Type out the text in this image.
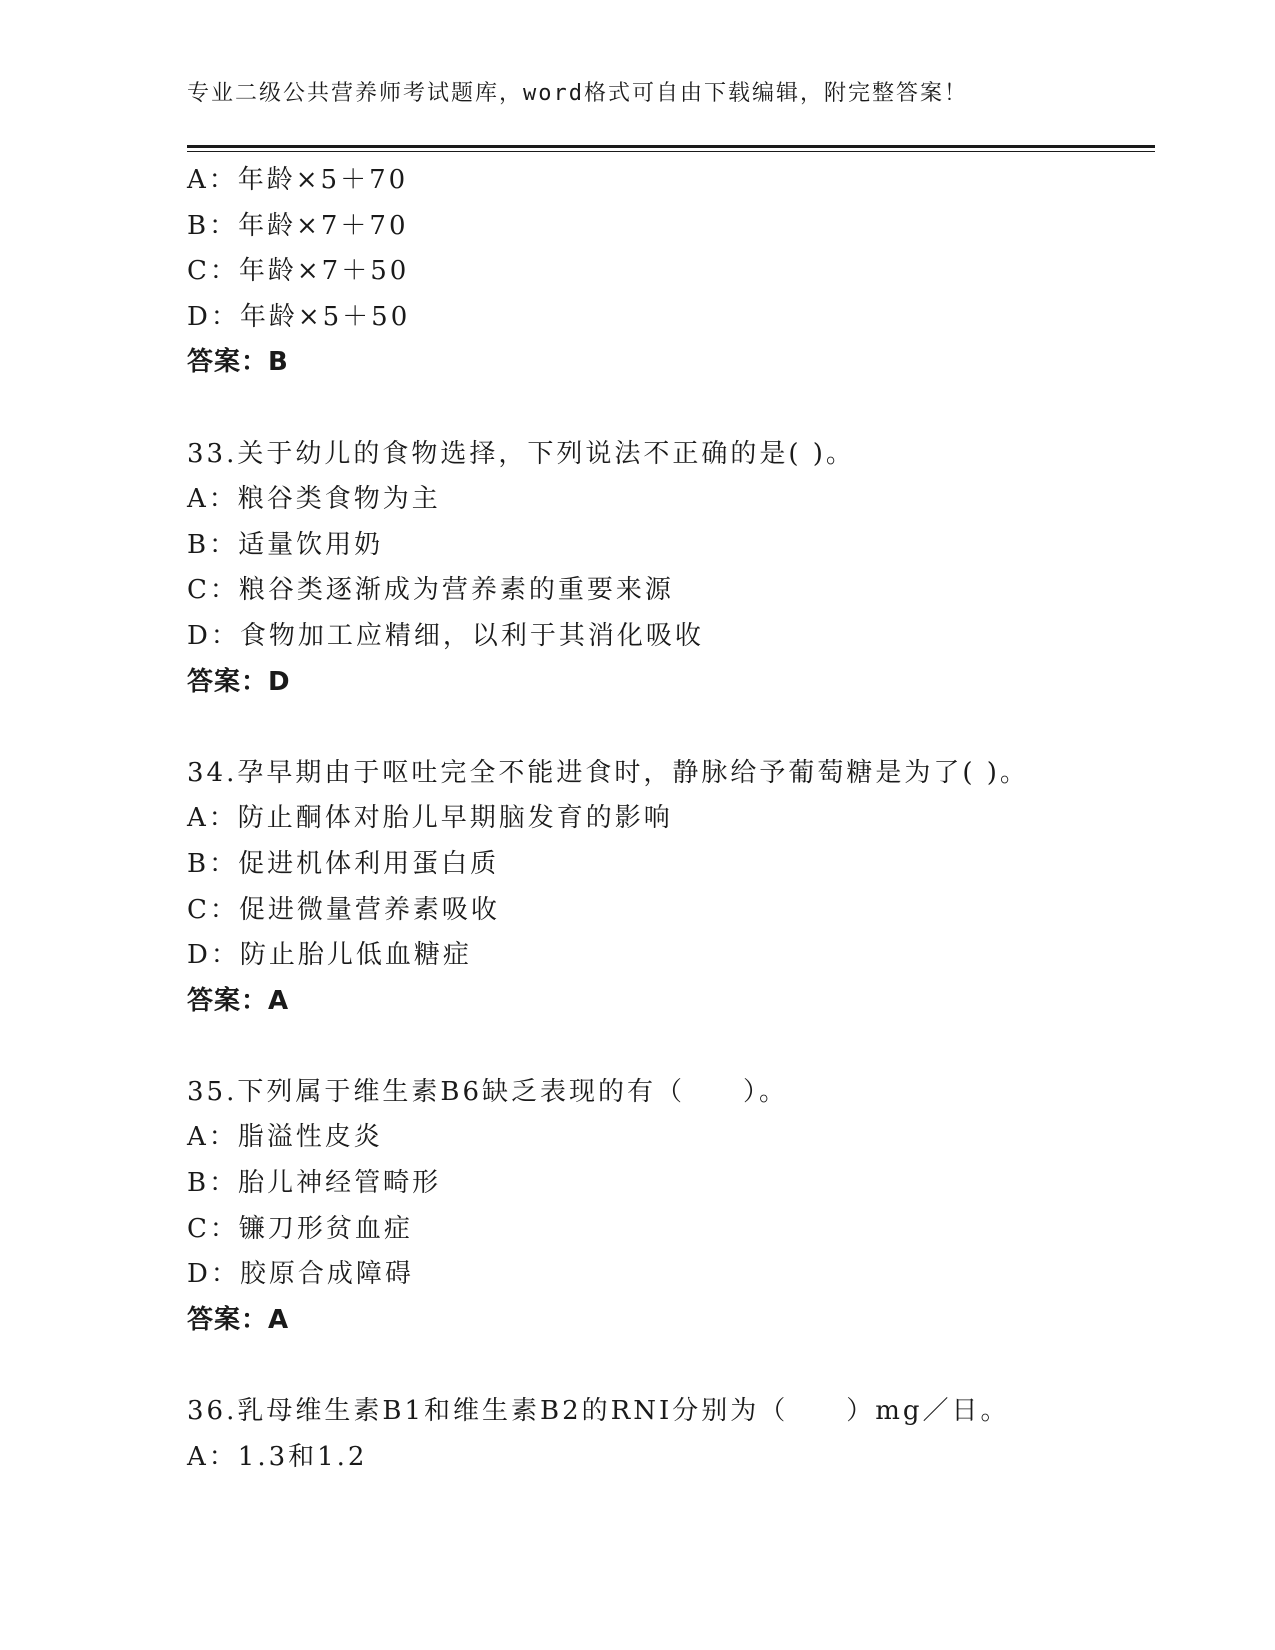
专业二级公共营养师考试题库，word格式可自由下载编辑，附完整答案！
A：年龄×5＋70
B：年龄×7＋70
C：年龄×7＋50
D：年龄×5＋50
答案：B
33.关于幼儿的食物选择，下列说法不正确的是( )。
A：粮谷类食物为主
B：适量饮用奶
C：粮谷类逐渐成为营养素的重要来源
D：食物加工应精细，以利于其消化吸收
答案：D
34.孕早期由于呕吐完全不能进食时，静脉给予葡萄糖是为了( )。
A：防止酮体对胎儿早期脑发育的影响
B：促进机体利用蛋白质
C：促进微量营养素吸收
D：防止胎儿低血糖症
答案：A
35.下列属于维生素B6缺乏表现的有（　　）。
A：脂溢性皮炎
B：胎儿神经管畸形
C：镰刀形贫血症
D：胶原合成障碍
答案：A
36.乳母维生素B1和维生素B2的RNI分别为（　　）mg／日。
A：1.3和1.2
